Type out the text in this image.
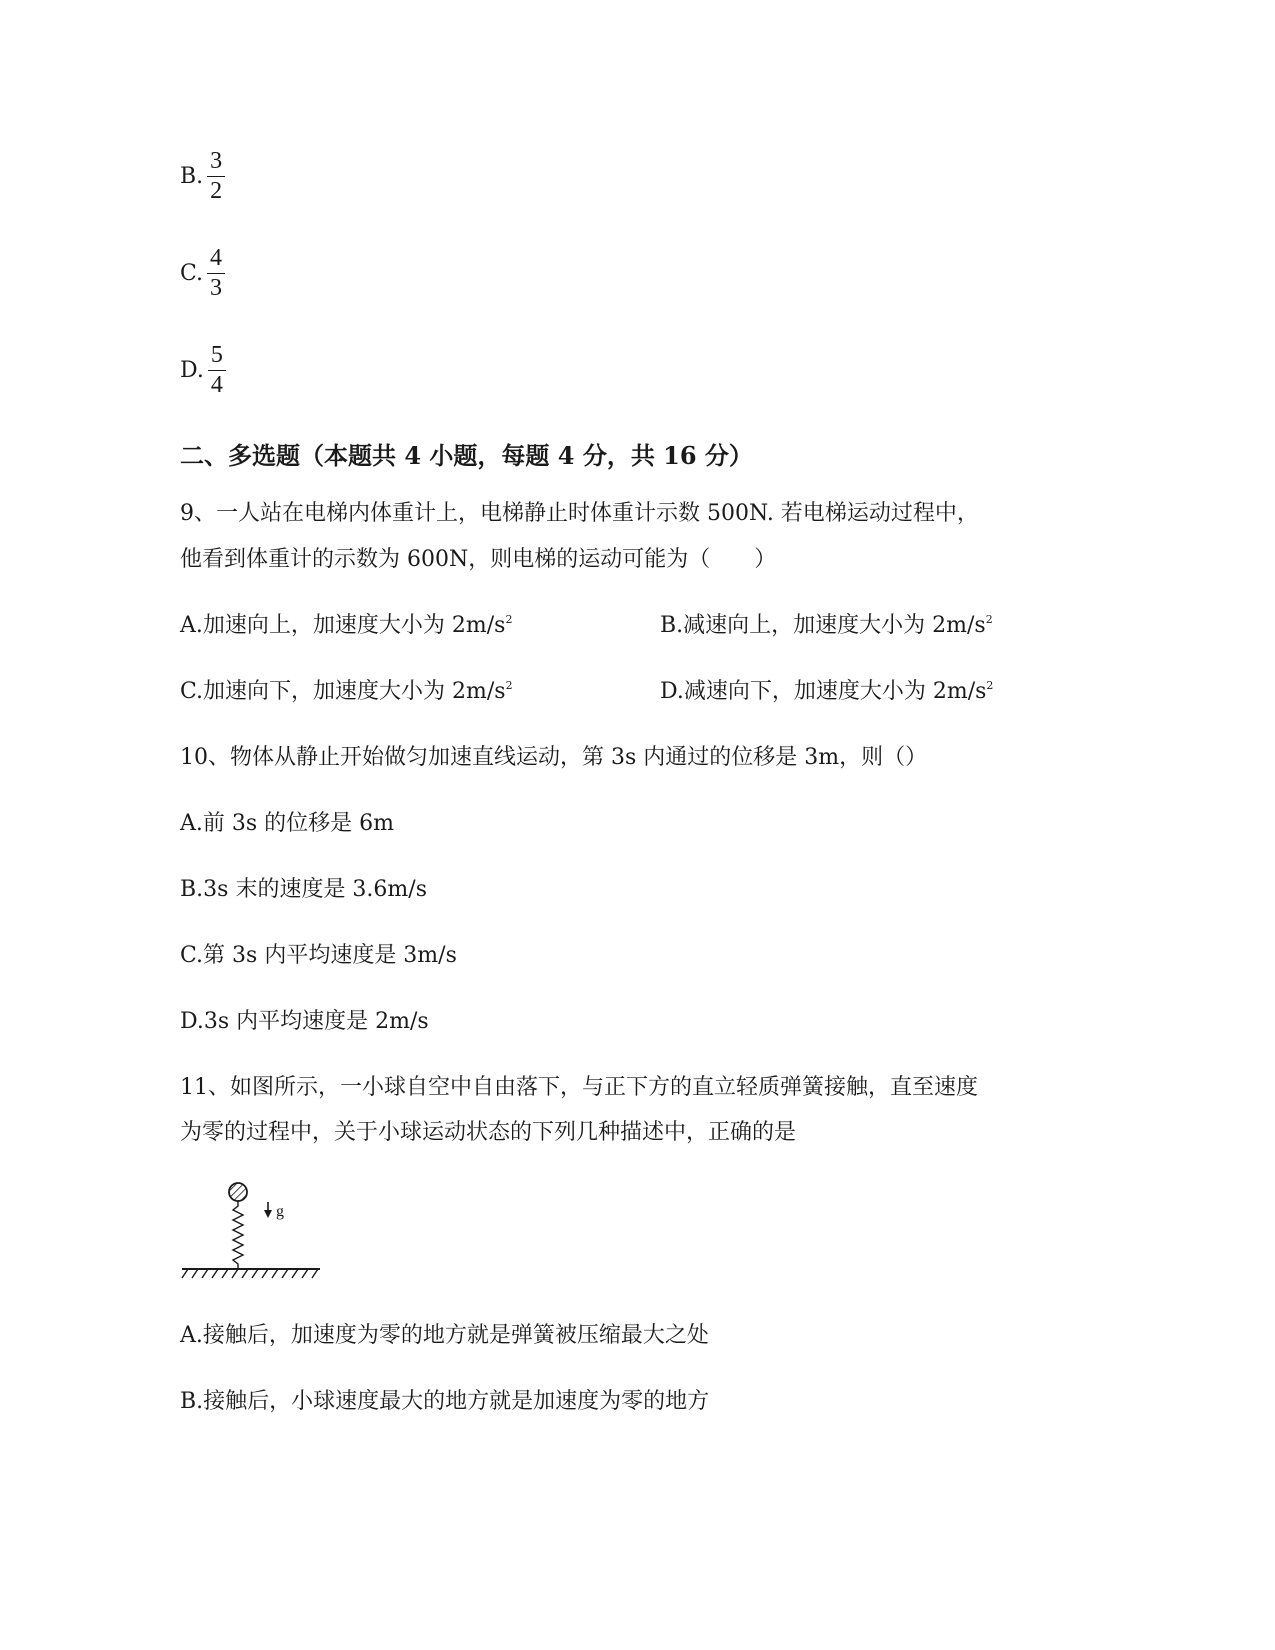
B. $\frac{3}{2}$
C. $\frac{4}{3}$
D. $\frac{5}{4}$
二、多选题（本题共 4 小题，每题 4 分，共 16 分）
9、一人站在电梯内体重计上，电梯静止时体重计示数 500N. 若电梯运动过程中，
他看到体重计的示数为 600N，则电梯的运动可能为（　　）
A.加速向上，加速度大小为 $2m/s^2$	B.减速向上，加速度大小为 $2m/s^2$
C.加速向下，加速度大小为 $2m/s^2$	D.减速向下，加速度大小为 $2m/s^2$
10、物体从静止开始做匀加速直线运动，第 3s 内通过的位移是 3m，则（）
A.前 3s 的位移是 6m
B.3s 末的速度是 3.6m/s
C.第 3s 内平均速度是 3m/s
D.3s 内平均速度是 2m/s
11、如图所示，一小球自空中自由落下，与正下方的直立轻质弹簧接触，直至速度
为零的过程中，关于小球运动状态的下列几种描述中，正确的是
g
A.接触后，加速度为零的地方就是弹簧被压缩最大之处
B.接触后，小球速度最大的地方就是加速度为零的地方
